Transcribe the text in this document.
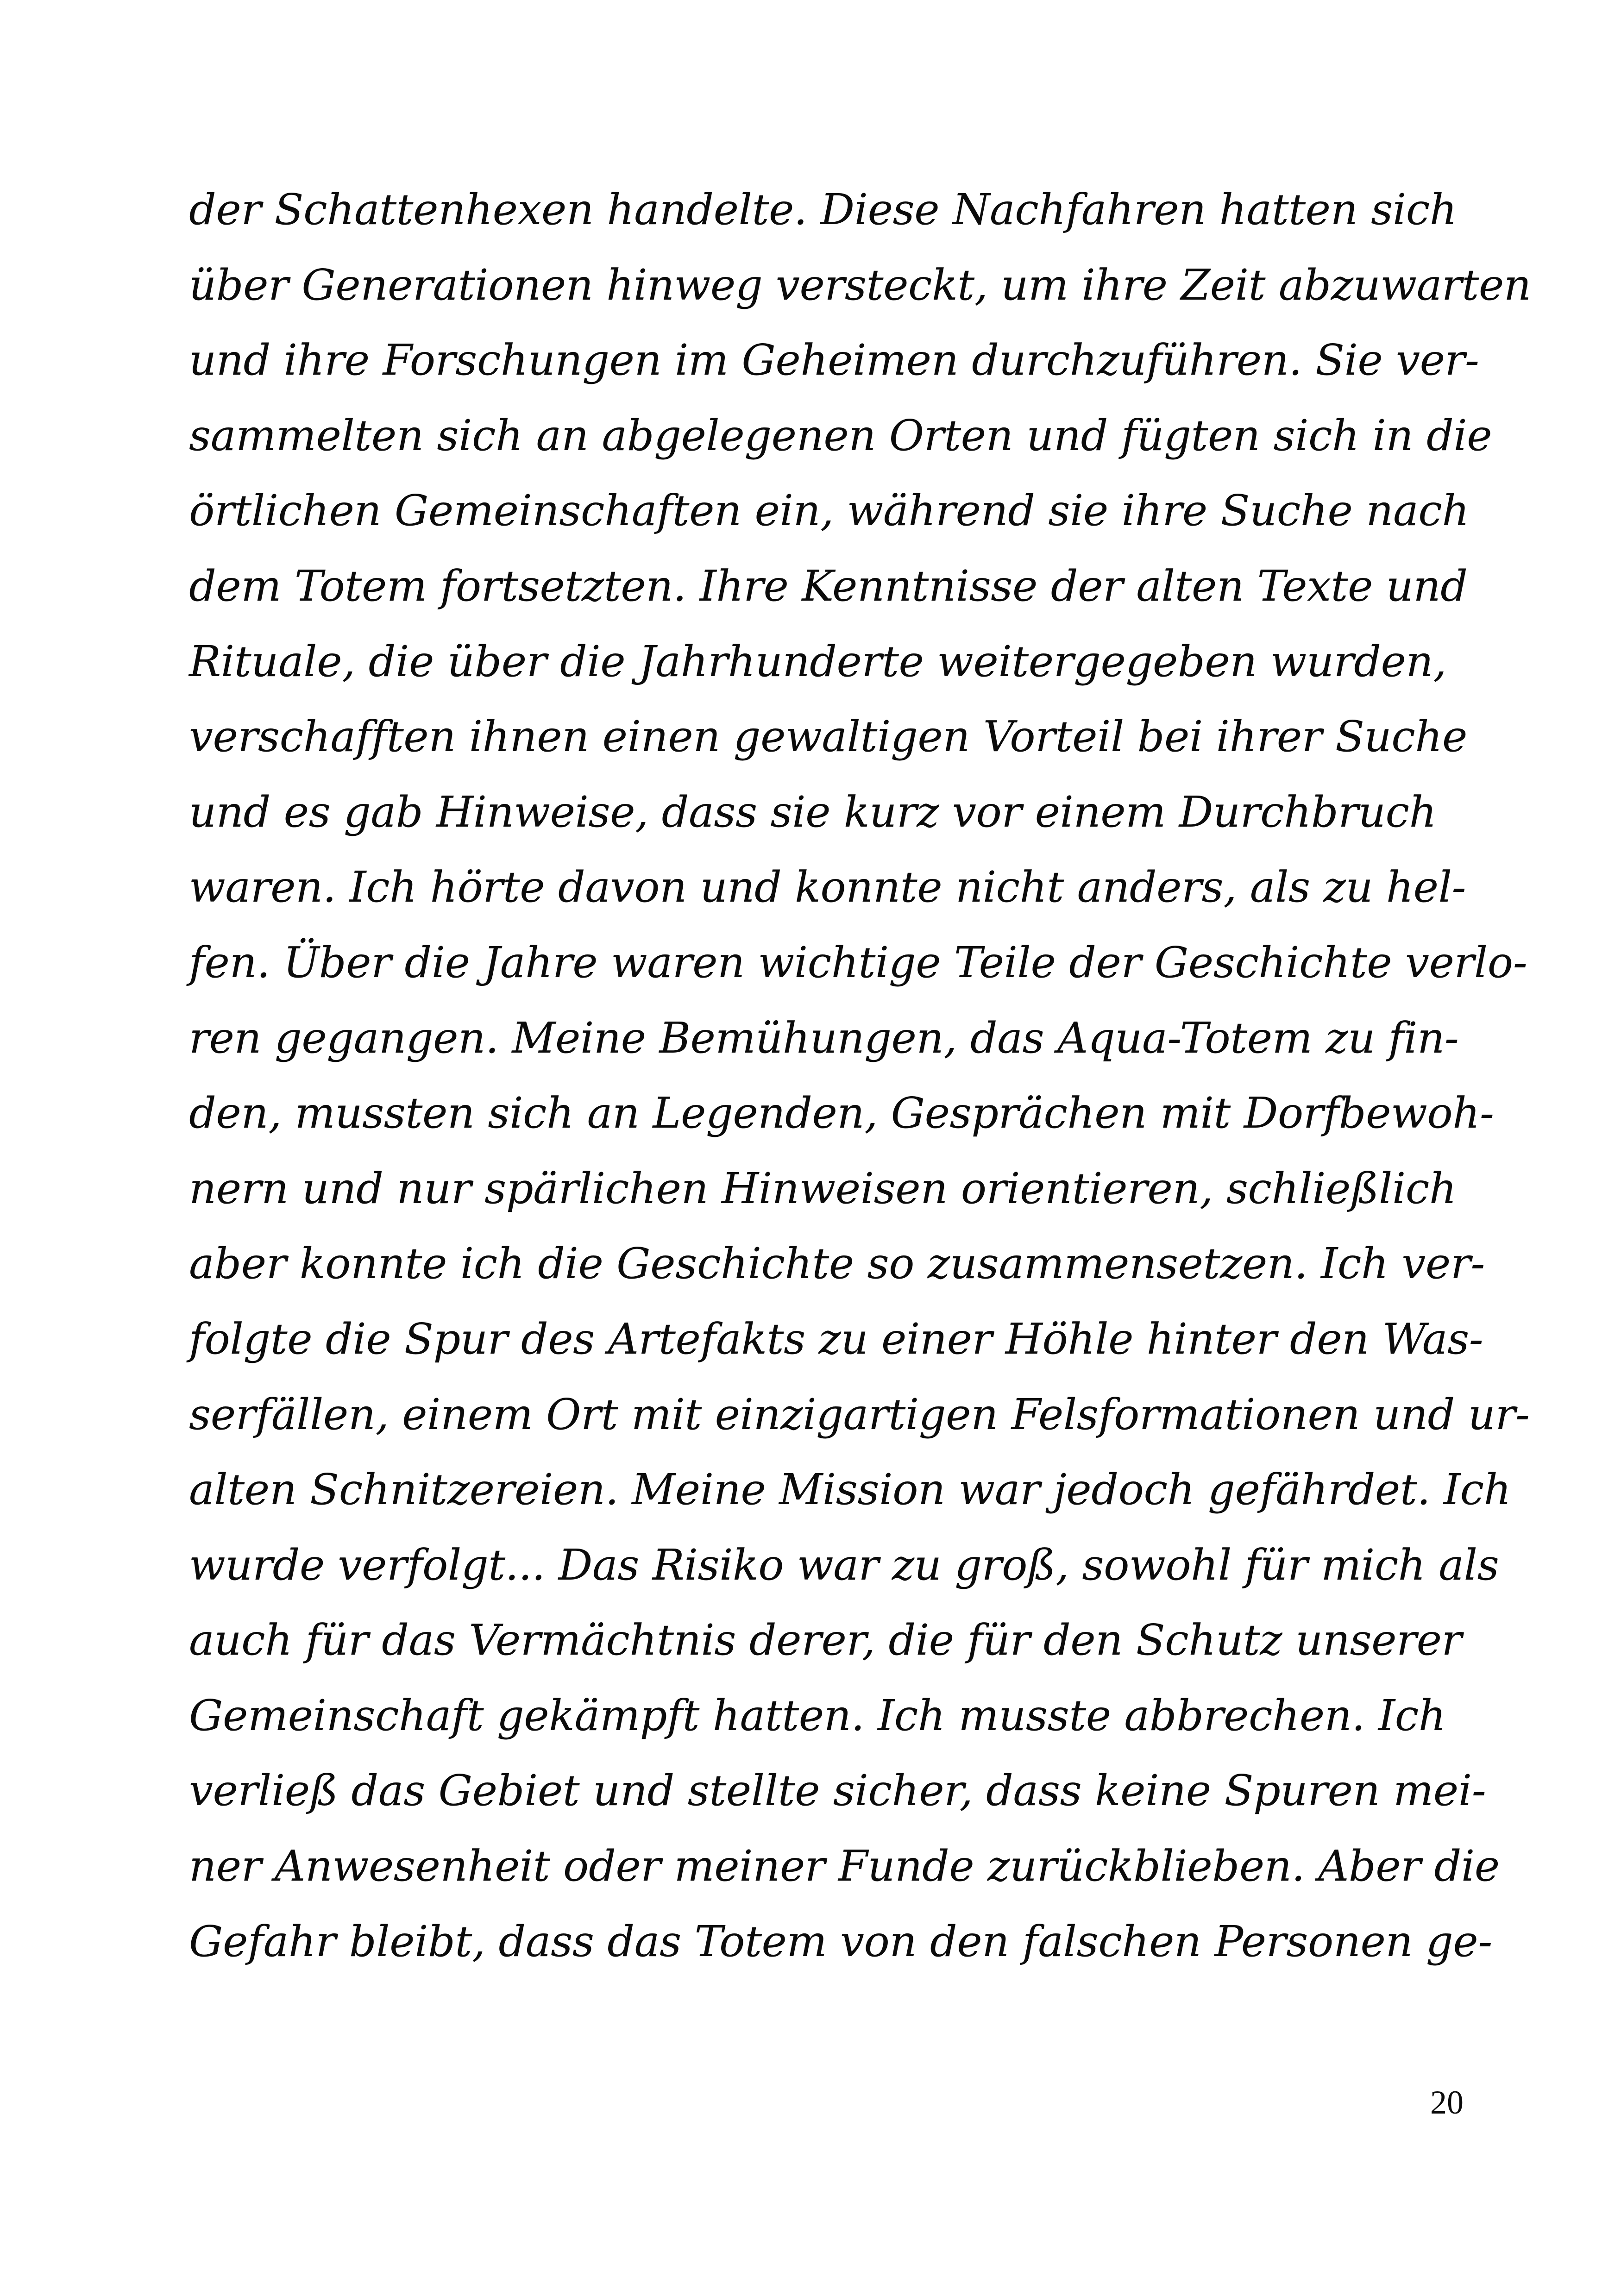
der Schattenhexen handelte. Diese Nachfahren hatten sich
über Generationen hinweg versteckt, um ihre Zeit abzuwarten
und ihre Forschungen im Geheimen durchzuführen. Sie ver-
sammelten sich an abgelegenen Orten und fügten sich in die
örtlichen Gemeinschaften ein, während sie ihre Suche nach
dem Totem fortsetzten. Ihre Kenntnisse der alten Texte und
Rituale, die über die Jahrhunderte weitergegeben wurden,
verschafften ihnen einen gewaltigen Vorteil bei ihrer Suche
und es gab Hinweise, dass sie kurz vor einem Durchbruch
waren. Ich hörte davon und konnte nicht anders, als zu hel-
fen. Über die Jahre waren wichtige Teile der Geschichte verlo-
ren gegangen. Meine Bemühungen, das Aqua-Totem zu fin-
den, mussten sich an Legenden, Gesprächen mit Dorfbewoh-
nern und nur spärlichen Hinweisen orientieren, schließlich
aber konnte ich die Geschichte so zusammensetzen. Ich ver-
folgte die Spur des Artefakts zu einer Höhle hinter den Was-
serfällen, einem Ort mit einzigartigen Felsformationen und ur-
alten Schnitzereien. Meine Mission war jedoch gefährdet. Ich
wurde verfolgt... Das Risiko war zu groß, sowohl für mich als
auch für das Vermächtnis derer, die für den Schutz unserer
Gemeinschaft gekämpft hatten. Ich musste abbrechen. Ich
verließ das Gebiet und stellte sicher, dass keine Spuren mei-
ner Anwesenheit oder meiner Funde zurückblieben. Aber die
Gefahr bleibt, dass das Totem von den falschen Personen ge-
20
